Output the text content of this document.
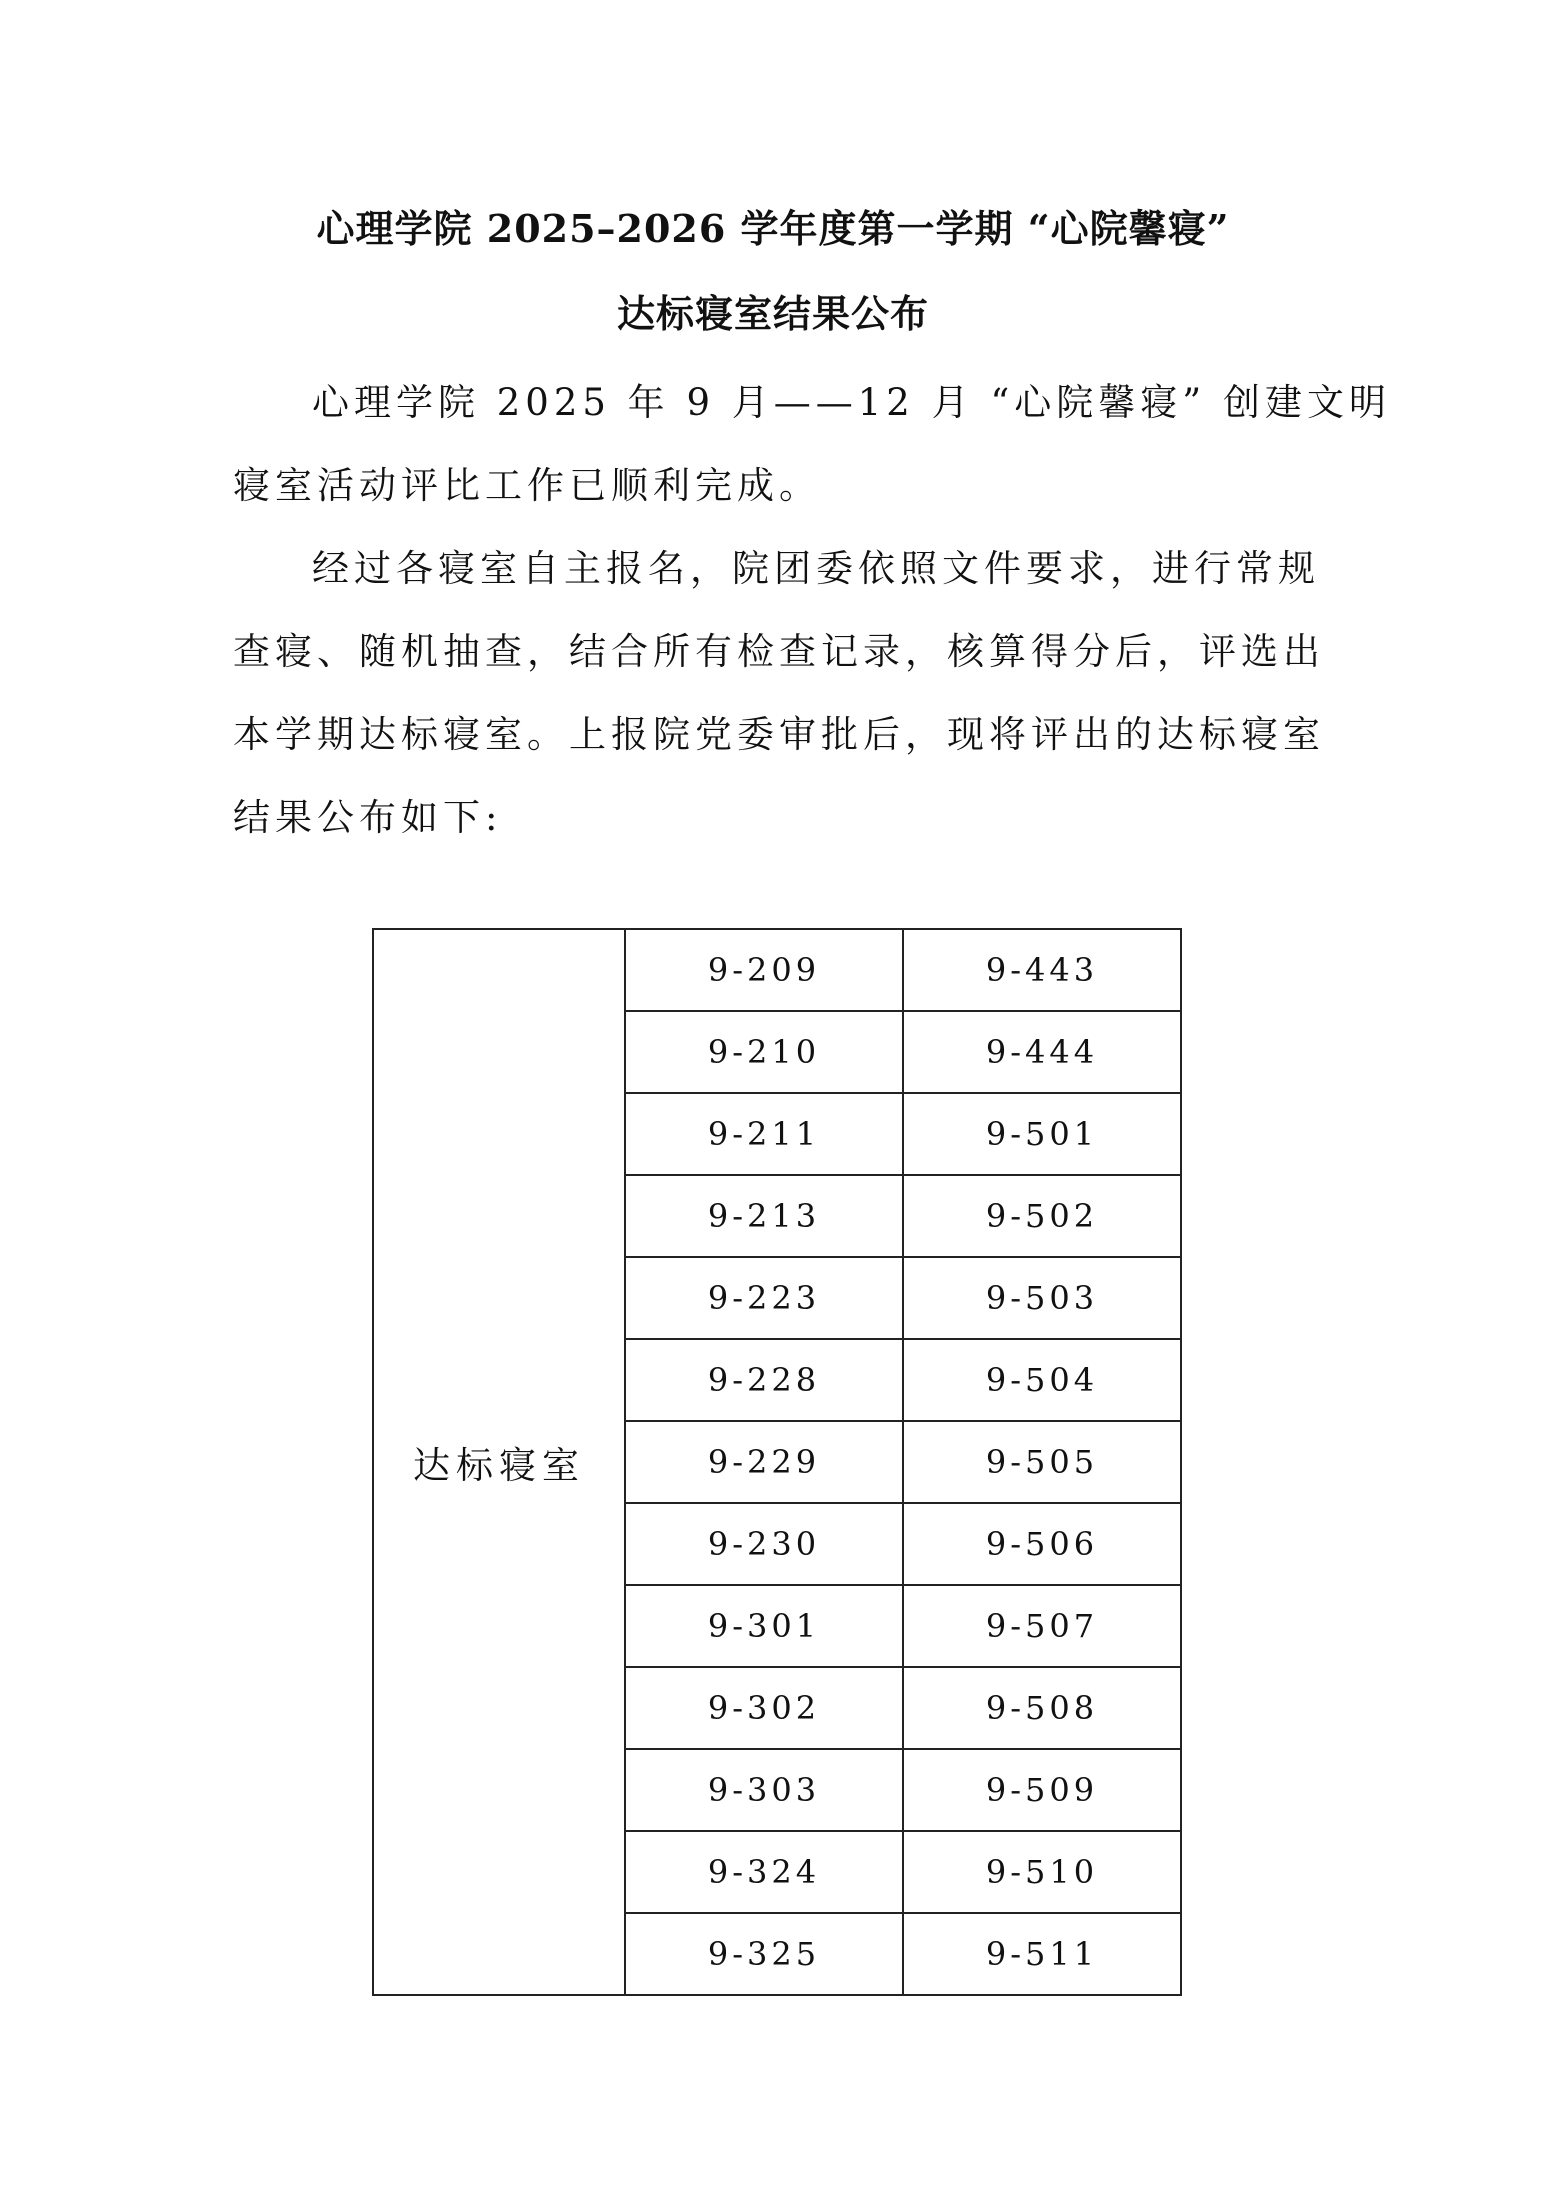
心理学院 2025–2026 学年度第一学期 “心院馨寝”
达标寝室结果公布
心理学院 2025 年 9 月——12 月 “心院馨寝” 创建文明
寝室活动评比工作已顺利完成。
经过各寝室自主报名，院团委依照文件要求，进行常规
查寝、随机抽查，结合所有检查记录，核算得分后，评选出
本学期达标寝室。上报院党委审批后，现将评出的达标寝室
结果公布如下:
达标寝室	9-209	9-443
	9-210	9-444
	9-211	9-501
	9-213	9-502
	9-223	9-503
	9-228	9-504
	9-229	9-505
	9-230	9-506
	9-301	9-507
	9-302	9-508
	9-303	9-509
	9-324	9-510
	9-325	9-511
